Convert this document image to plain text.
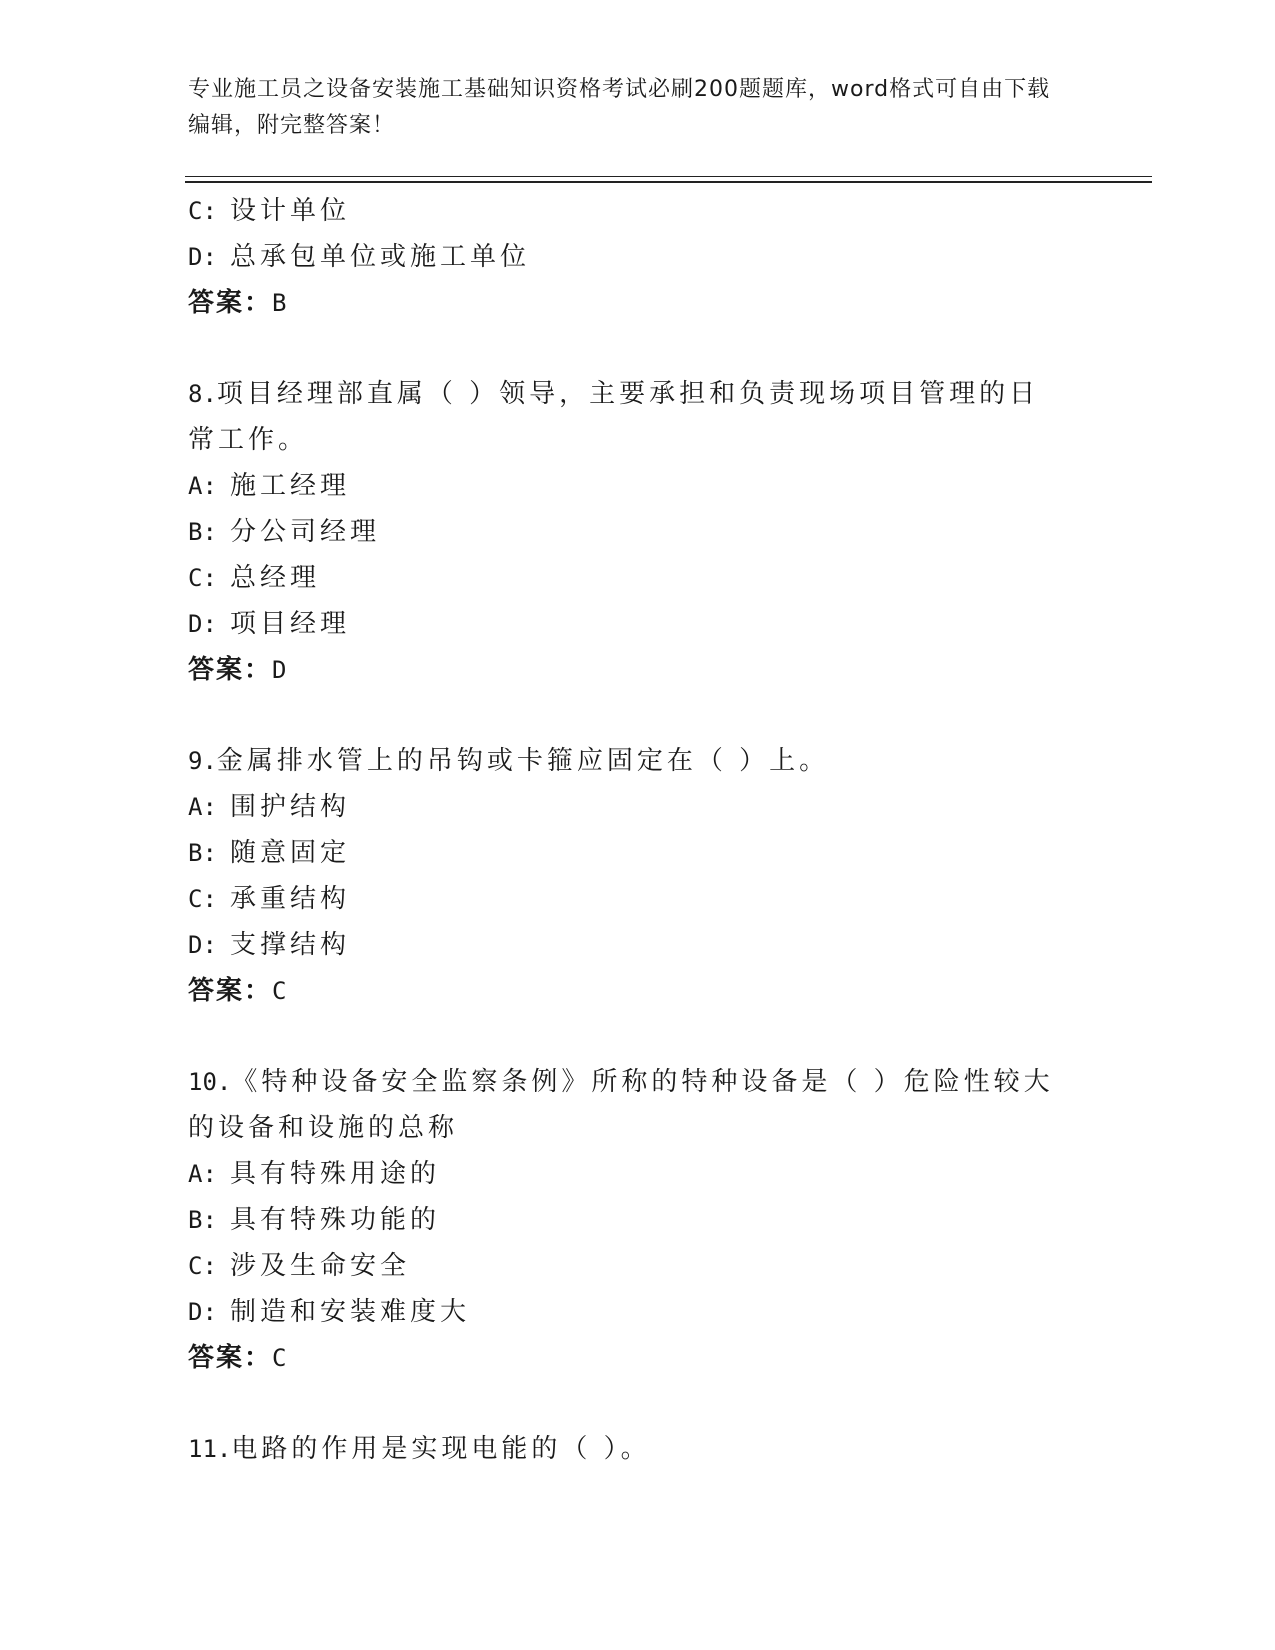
专业施工员之设备安装施工基础知识资格考试必刷200题题库，word格式可自由下载编辑，附完整答案！
C: 设计单位
D: 总承包单位或施工单位
答案：B
8.项目经理部直属（ ）领导，主要承担和负责现场项目管理的日常工作。
A: 施工经理
B: 分公司经理
C: 总经理
D: 项目经理
答案：D
9.金属排水管上的吊钩或卡箍应固定在（ ）上。
A: 围护结构
B: 随意固定
C: 承重结构
D: 支撑结构
答案：C
10.《特种设备安全监察条例》所称的特种设备是（ ）危险性较大的设备和设施的总称
A: 具有特殊用途的
B: 具有特殊功能的
C: 涉及生命安全
D: 制造和安装难度大
答案：C
11.电路的作用是实现电能的（ ）。
